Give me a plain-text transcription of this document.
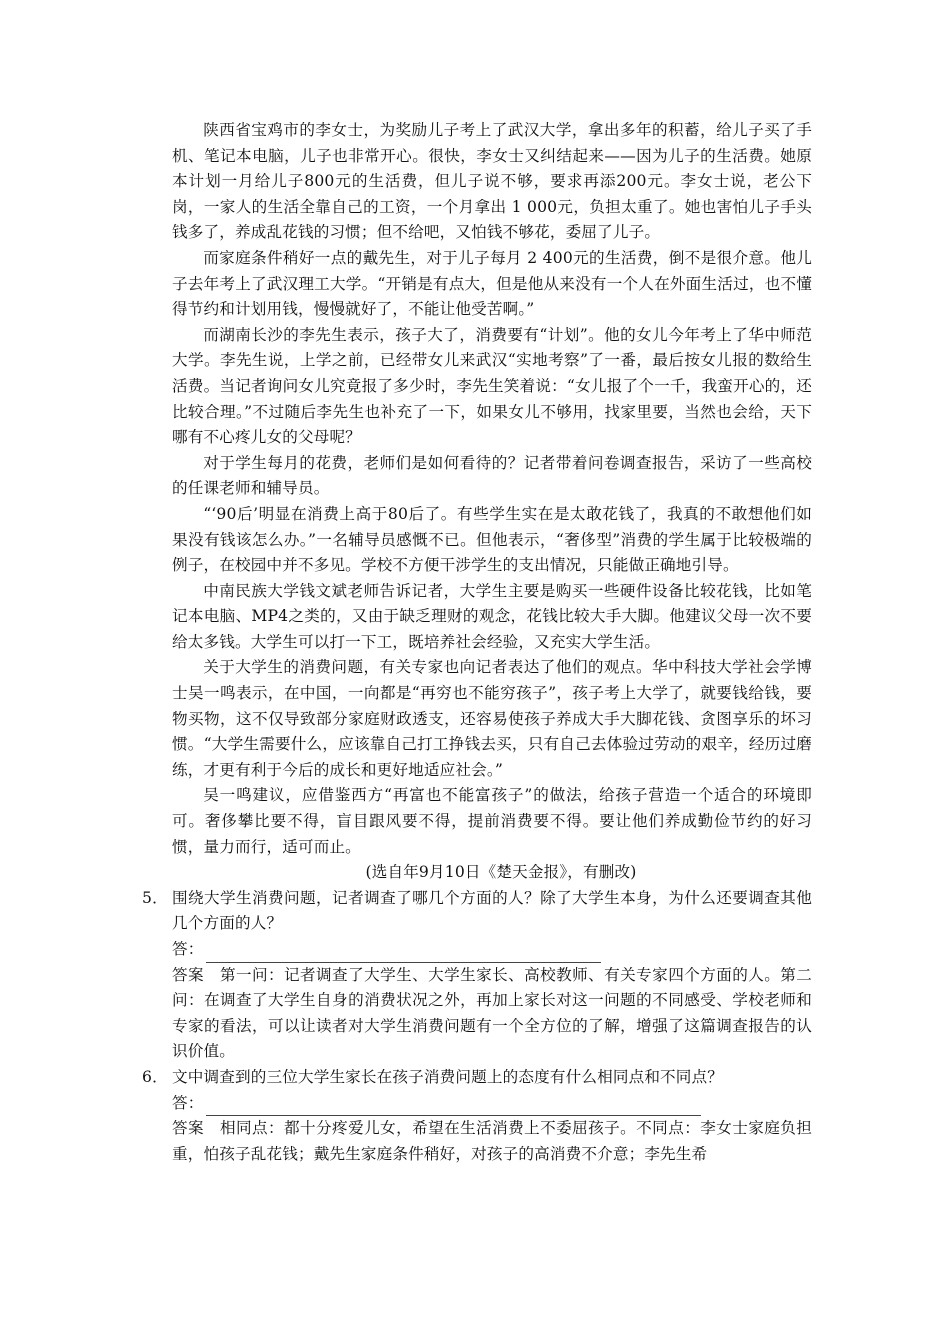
陕西省宝鸡市的李女士，为奖励儿子考上了武汉大学，拿出多年的积蓄，给儿子买了手机、笔记本电脑，儿子也非常开心。很快，李女士又纠结起来——因为儿子的生活费。她原本计划一月给儿子800元的生活费，但儿子说不够，要求再添200元。李女士说，老公下岗，一家人的生活全靠自己的工资，一个月拿出 1 000元，负担太重了。她也害怕儿子手头钱多了，养成乱花钱的习惯；但不给吧，又怕钱不够花，委屈了儿子。

而家庭条件稍好一点的戴先生，对于儿子每月 2 400元的生活费，倒不是很介意。他儿子去年考上了武汉理工大学。“开销是有点大，但是他从来没有一个人在外面生活过，也不懂得节约和计划用钱，慢慢就好了，不能让他受苦啊。”

而湖南长沙的李先生表示，孩子大了，消费要有“计划”。他的女儿今年考上了华中师范大学。李先生说，上学之前，已经带女儿来武汉“实地考察”了一番，最后按女儿报的数给生活费。当记者询问女儿究竟报了多少时，李先生笑着说：“女儿报了个一千，我蛮开心的，还比较合理。”不过随后李先生也补充了一下，如果女儿不够用，找家里要，当然也会给，天下哪有不心疼儿女的父母呢？

对于学生每月的花费，老师们是如何看待的？记者带着问卷调查报告，采访了一些高校的任课老师和辅导员。

“‘90后’明显在消费上高于80后了。有些学生实在是太敢花钱了，我真的不敢想他们如果没有钱该怎么办。”一名辅导员感慨不已。但他表示，“奢侈型”消费的学生属于比较极端的例子，在校园中并不多见。学校不方便干涉学生的支出情况，只能做正确地引导。

中南民族大学钱文斌老师告诉记者，大学生主要是购买一些硬件设备比较花钱，比如笔记本电脑、MP4之类的，又由于缺乏理财的观念，花钱比较大手大脚。他建议父母一次不要给太多钱。大学生可以打一下工，既培养社会经验，又充实大学生活。

关于大学生的消费问题，有关专家也向记者表达了他们的观点。华中科技大学社会学博士吴一鸣表示，在中国，一向都是“再穷也不能穷孩子”，孩子考上大学了，就要钱给钱，要物买物，这不仅导致部分家庭财政透支，还容易使孩子养成大手大脚花钱、贪图享乐的坏习惯。“大学生需要什么，应该靠自己打工挣钱去买，只有自己去体验过劳动的艰辛，经历过磨练，才更有利于今后的成长和更好地适应社会。”

吴一鸣建议，应借鉴西方“再富也不能富孩子”的做法，给孩子营造一个适合的环境即可。奢侈攀比要不得，盲目跟风要不得，提前消费要不得。要让他们养成勤俭节约的好习惯，量力而行，适可而止。

(选自年9月10日《楚天金报》，有删改)

5． 围绕大学生消费问题，记者调查了哪几个方面的人？除了大学生本身，为什么还要调查其他几个方面的人？

答：

答案　第一问：记者调查了大学生、大学生家长、高校教师、有关专家四个方面的人。第二问：在调查了大学生自身的消费状况之外，再加上家长对这一问题的不同感受、学校老师和专家的看法，可以让读者对大学生消费问题有一个全方位的了解，增强了这篇调查报告的认识价值。

6． 文中调查到的三位大学生家长在孩子消费问题上的态度有什么相同点和不同点？

答：

答案　相同点：都十分疼爱儿女，希望在生活消费上不委屈孩子。不同点：李女士家庭负担重，怕孩子乱花钱；戴先生家庭条件稍好，对孩子的高消费不介意；李先生希
